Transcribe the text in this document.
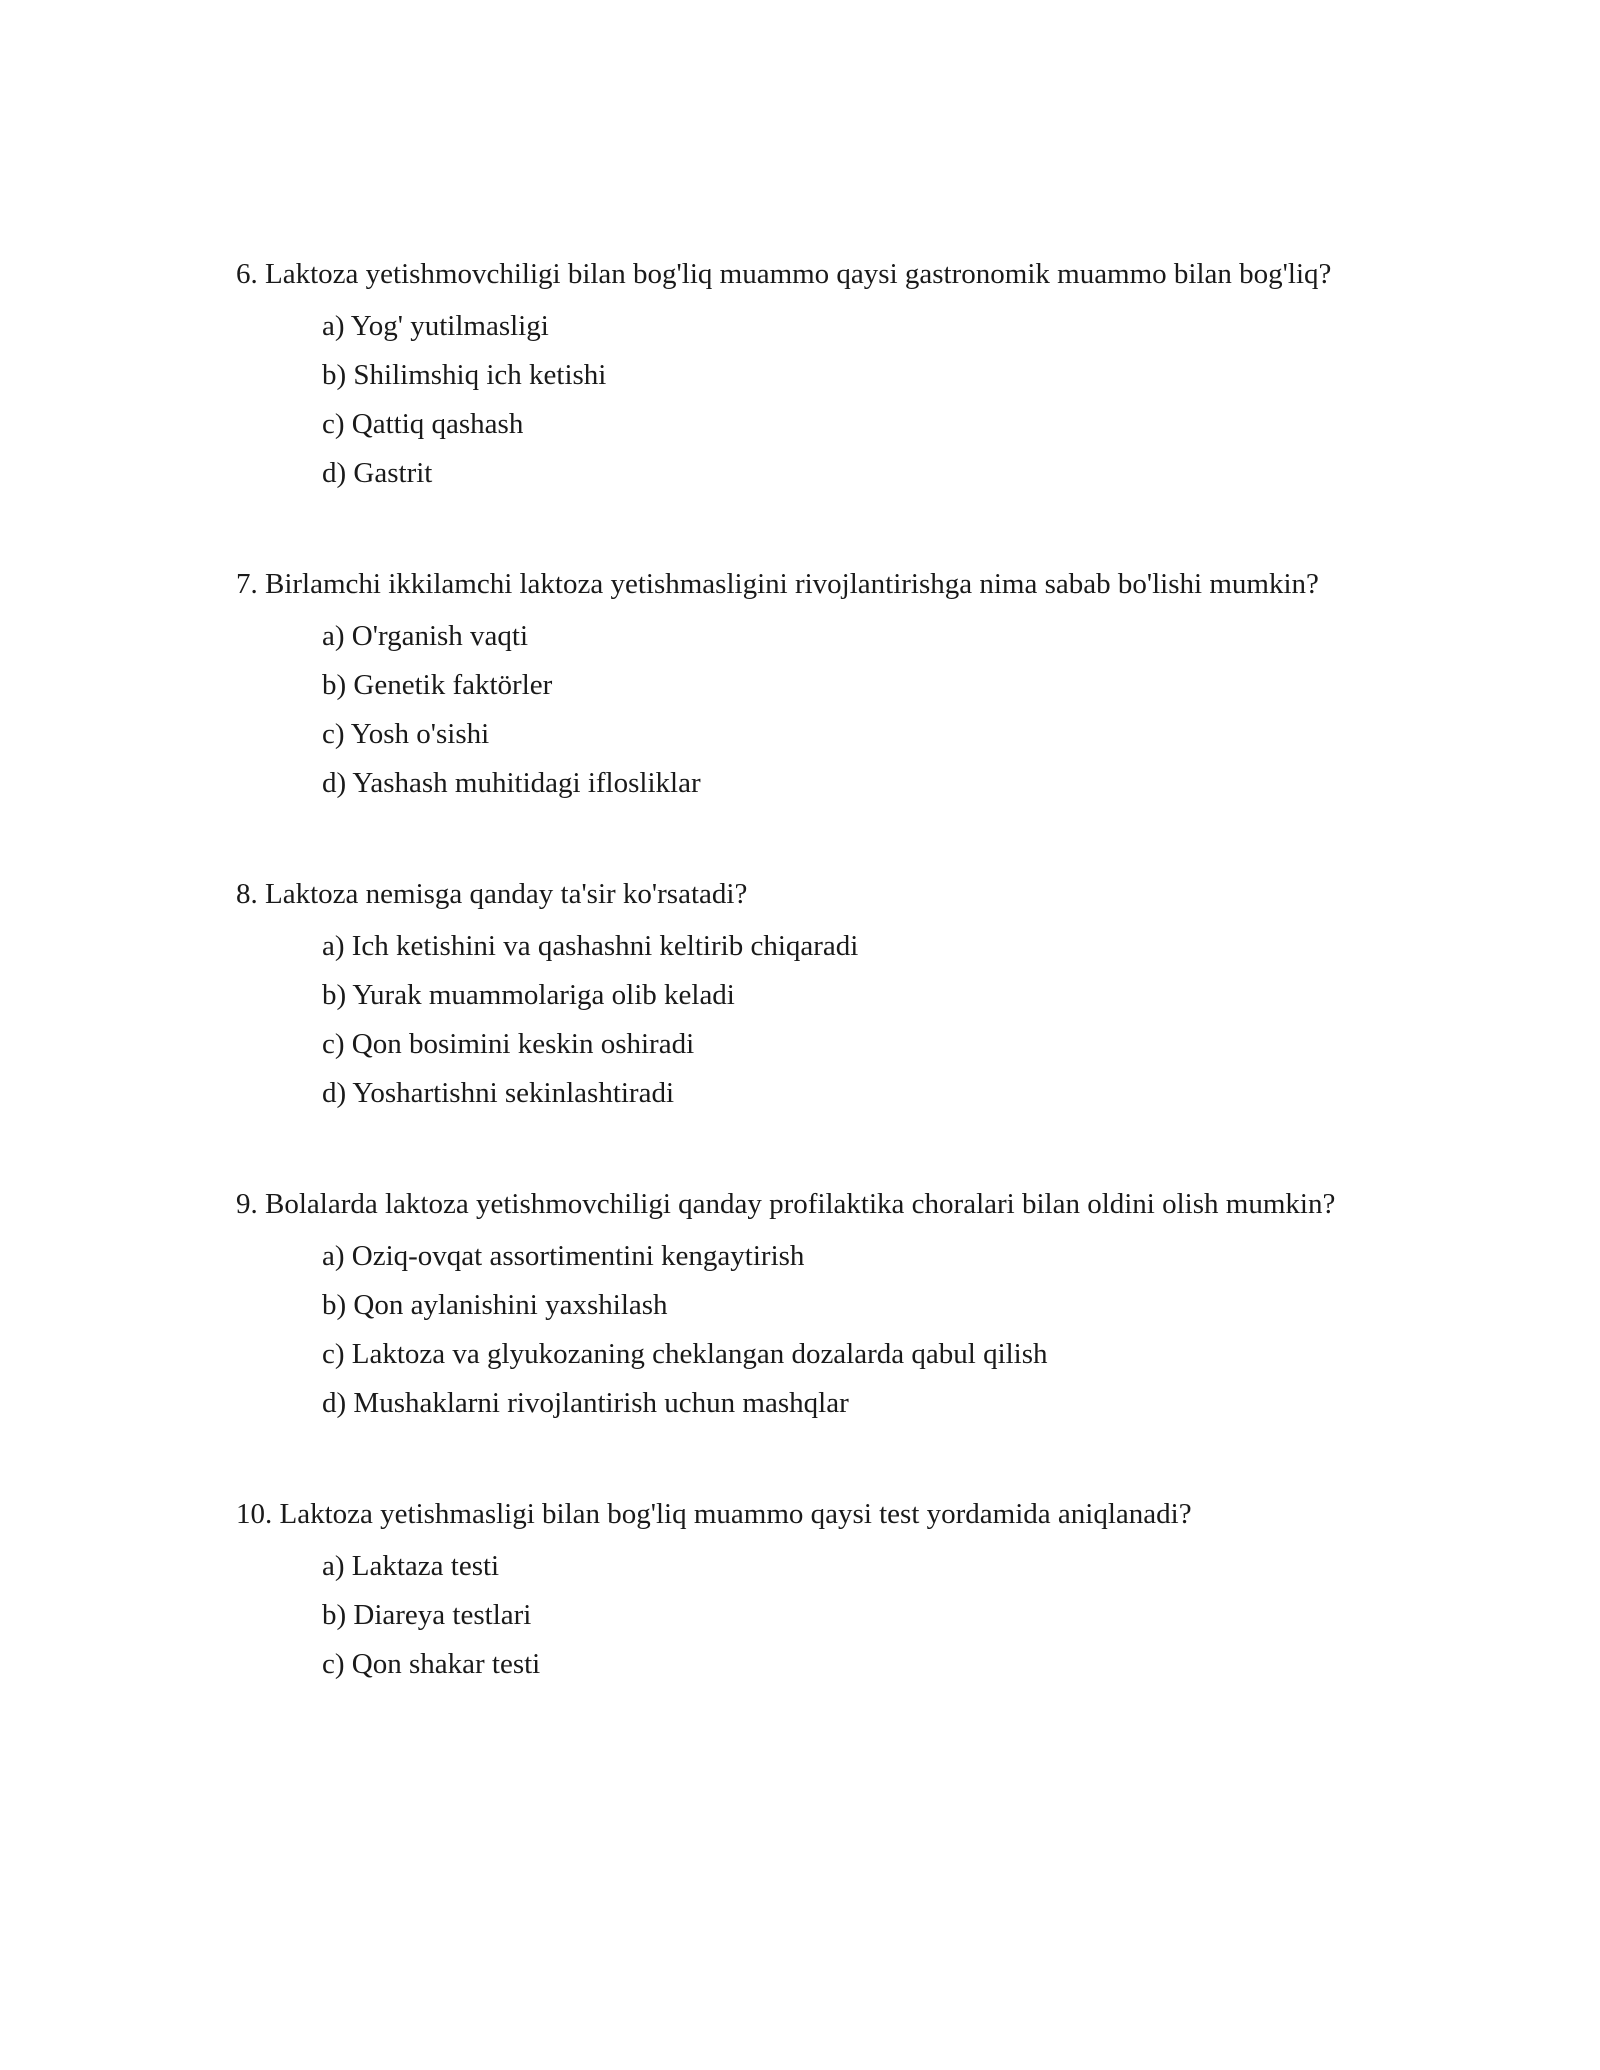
6. Laktoza yetishmovchiligi bilan bog'liq muammo qaysi gastronomik muammo bilan bog'liq?

a) Yog' yutilmasligi
b) Shilimshiq ich ketishi
c) Qattiq qashash
d) Gastrit

7. Birlamchi ikkilamchi laktoza yetishmasligini rivojlantirishga nima sabab bo'lishi mumkin?

a) O'rganish vaqti
b) Genetik faktörler
c) Yosh o'sishi
d) Yashash muhitidagi iflosliklar

8. Laktoza nemisga qanday ta'sir ko'rsatadi?

a) Ich ketishini va qashashni keltirib chiqaradi
b) Yurak muammolariga olib keladi
c) Qon bosimini keskin oshiradi
d) Yoshartishni sekinlashtiradi

9. Bolalarda laktoza yetishmovchiligi qanday profilaktika choralari bilan oldini olish mumkin?

a) Oziq-ovqat assortimentini kengaytirish
b) Qon aylanishini yaxshilash
c) Laktoza va glyukozaning cheklangan dozalarda qabul qilish
d) Mushaklarni rivojlantirish uchun mashqlar

10. Laktoza yetishmasligi bilan bog'liq muammo qaysi test yordamida aniqlanadi?

a) Laktaza testi
b) Diareya testlari
c) Qon shakar testi
